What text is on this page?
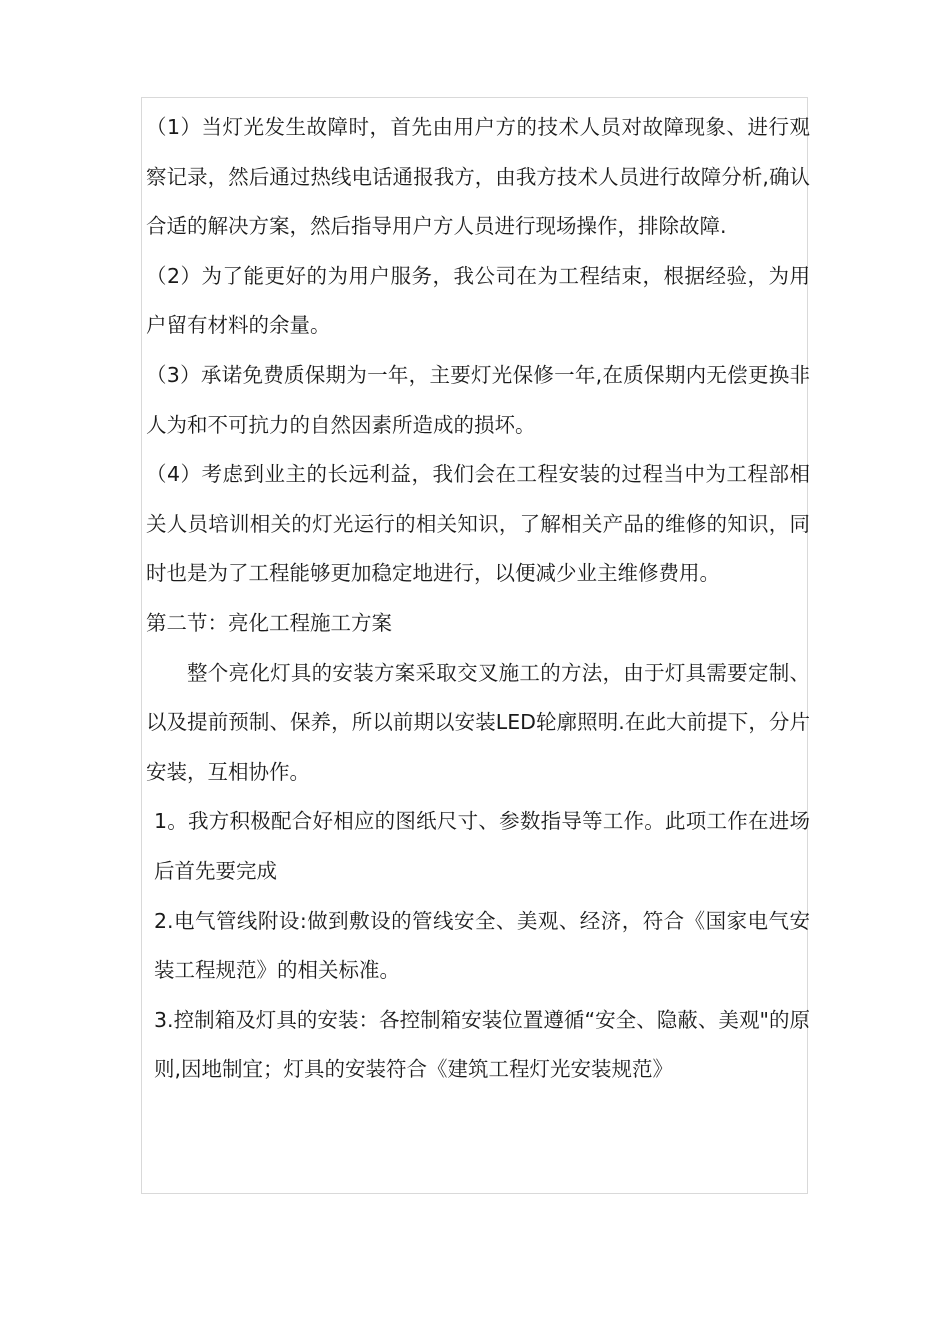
（1）当灯光发生故障时，首先由用户方的技术人员对故障现象、进行观察记录，然后通过热线电话通报我方，由我方技术人员进行故障分析,确认合适的解决方案，然后指导用户方人员进行现场操作，排除故障.

（2）为了能更好的为用户服务，我公司在为工程结束，根据经验，为用户留有材料的余量。

（3）承诺免费质保期为一年，主要灯光保修一年,在质保期内无偿更换非人为和不可抗力的自然因素所造成的损坏。

（4）考虑到业主的长远利益，我们会在工程安装的过程当中为工程部相关人员培训相关的灯光运行的相关知识，了解相关产品的维修的知识，同时也是为了工程能够更加稳定地进行，以便减少业主维修费用。

第二节：亮化工程施工方案

整个亮化灯具的安装方案采取交叉施工的方法，由于灯具需要定制、以及提前预制、保养，所以前期以安装LED轮廓照明.在此大前提下，分片安装，互相协作。

1。我方积极配合好相应的图纸尺寸、参数指导等工作。此项工作在进场后首先要完成

2.电气管线附设:做到敷设的管线安全、美观、经济，符合《国家电气安装工程规范》的相关标准。

3.控制箱及灯具的安装：各控制箱安装位置遵循“安全、隐蔽、美观"的原则,因地制宜；灯具的安装符合《建筑工程灯光安装规范》
